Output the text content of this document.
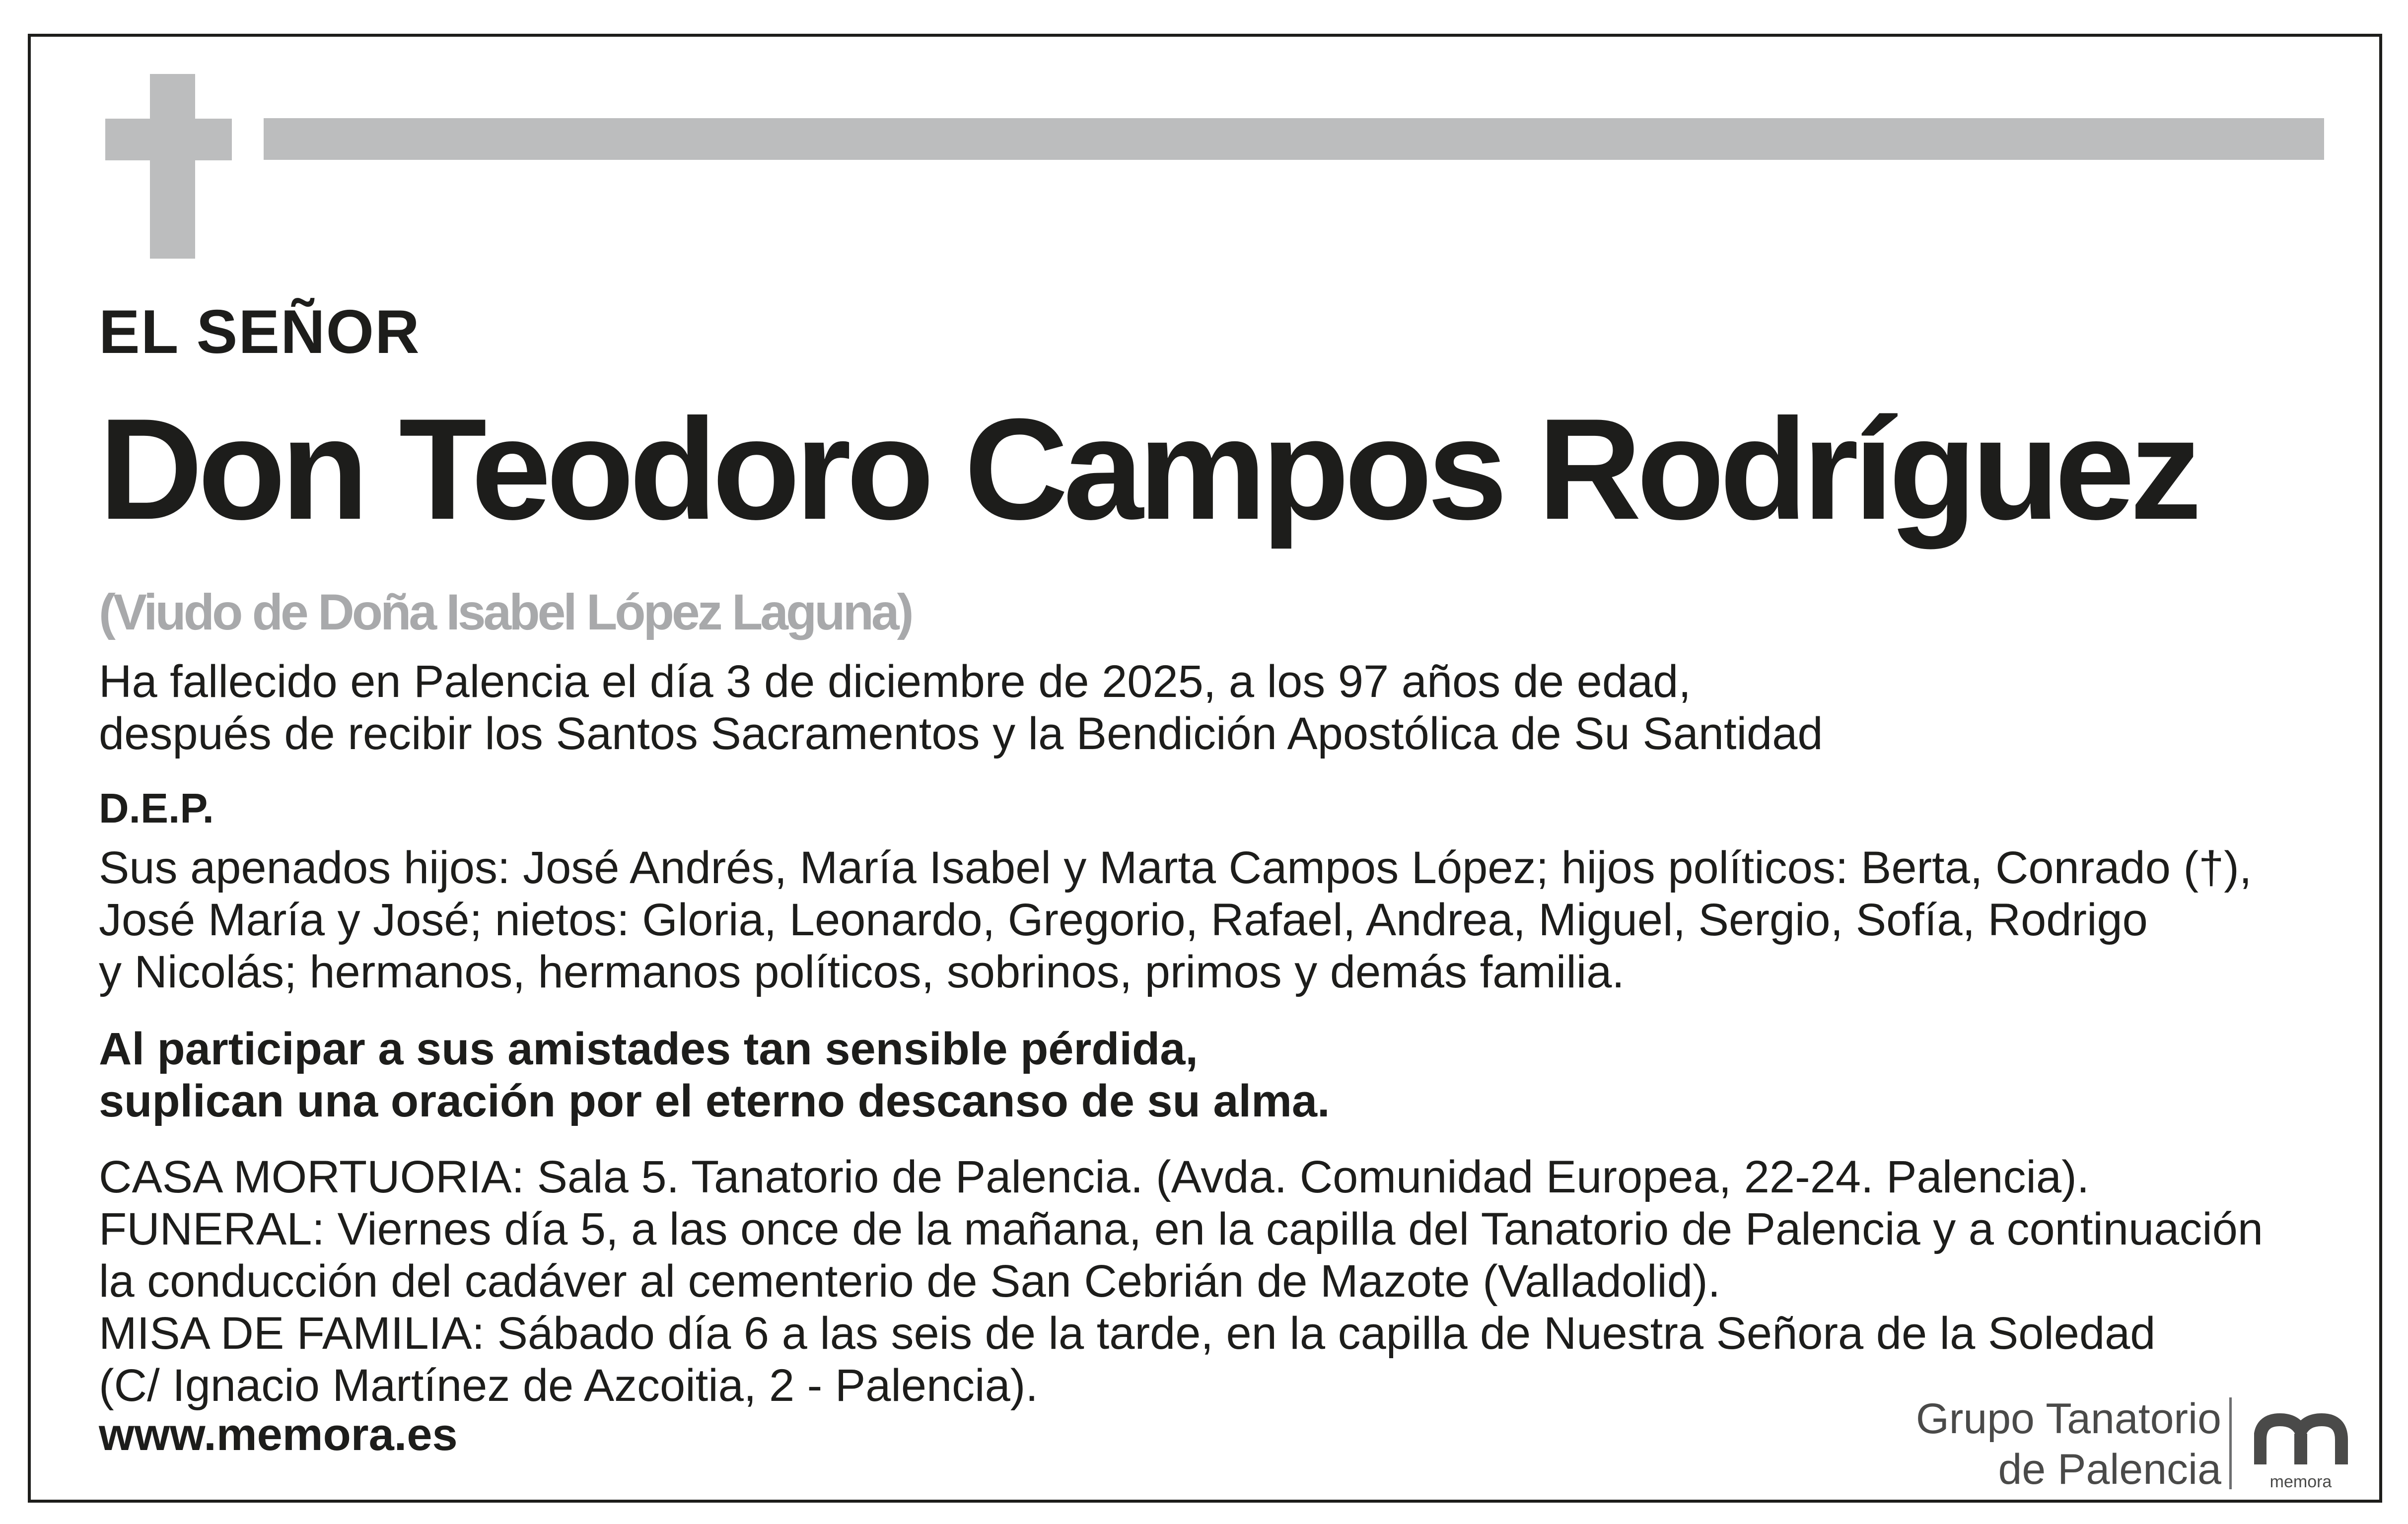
EL SEÑOR
Don Teodoro Campos Rodríguez

(Viudo de Doña Isabel López Laguna)

Ha fallecido en Palencia el día 3 de diciembre de 2025, a los 97 años de edad,

después de recibir los Santos Sacramentos y la Bendición Apostólica de Su Santidad

D.E.P.

Sus apenados hijos: José Andrés, María Isabel y Marta Campos López; hijos políticos: Berta, Conrado (†),

José María y José; nietos: Gloria, Leonardo, Gregorio, Rafael, Andrea, Miguel, Sergio, Sofía, Rodrigo

y Nicolás; hermanos, hermanos políticos, sobrinos, primos y demás familia.

Al participar a sus amistades tan sensible pérdida,

suplican una oración por el eterno descanso de su alma.

CASA MORTUORIA: Sala 5. Tanatorio de Palencia. (Avda. Comunidad Europea, 22-24. Palencia).

FUNERAL: Viernes día 5, a las once de la mañana, en la capilla del Tanatorio de Palencia y a continuación

la conducción del cadáver al cementerio de San Cebrián de Mazote (Valladolid).

MISA DE FAMILIA: Sábado día 6 a las seis de la tarde, en la capilla de Nuestra Señora de la Soledad

(C/ Ignacio Martínez de Azcoitia, 2 - Palencia).

www.memora.es	Grupo Tanatorio
de Palencia	memora
